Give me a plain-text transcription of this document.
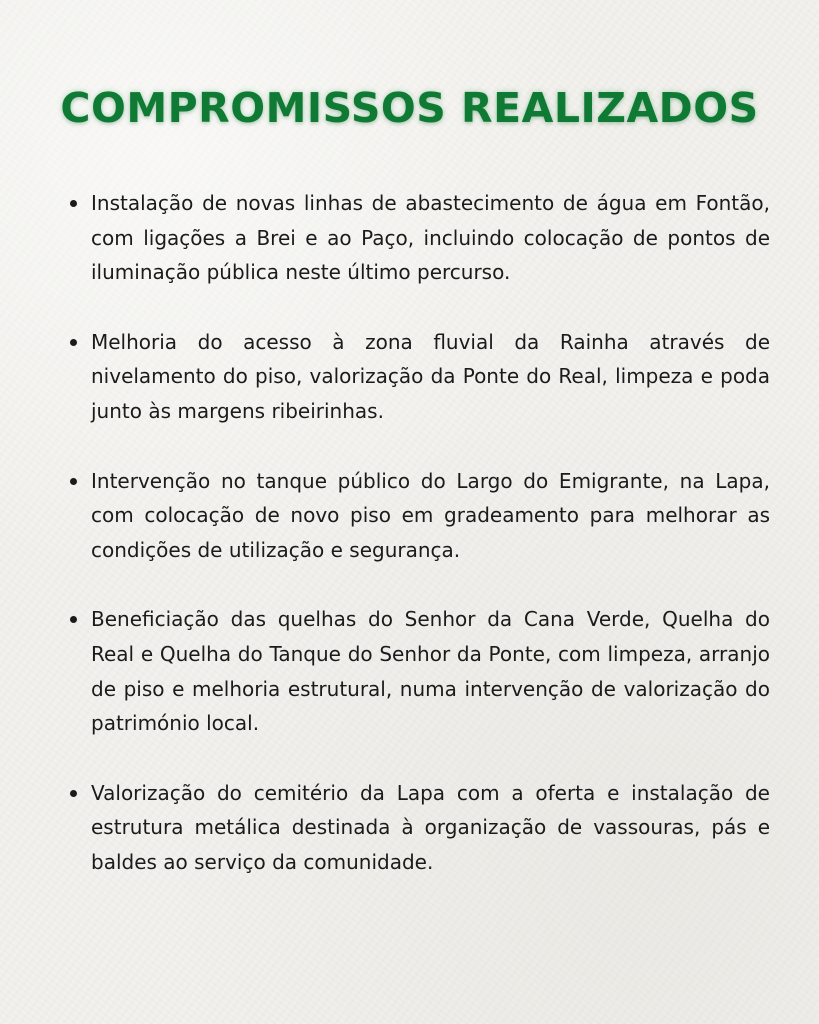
COMPROMISSOS REALIZADOS
Instalação de novas linhas de abastecimento de água em Fontão, com ligações a Brei e ao Paço, incluindo colocação de pontos de iluminação pública neste último percurso.
Melhoria do acesso à zona fluvial da Rainha através de nivelamento do piso, valorização da Ponte do Real, limpeza e poda junto às margens ribeirinhas.
Intervenção no tanque público do Largo do Emigrante, na Lapa, com colocação de novo piso em gradeamento para melhorar as condições de utilização e segurança.
Beneficiação das quelhas do Senhor da Cana Verde, Quelha do Real e Quelha do Tanque do Senhor da Ponte, com limpeza, arranjo de piso e melhoria estrutural, numa intervenção de valorização do património local.
Valorização do cemitério da Lapa com a oferta e instalação de estrutura metálica destinada à organização de vassouras, pás e baldes ao serviço da comunidade.
